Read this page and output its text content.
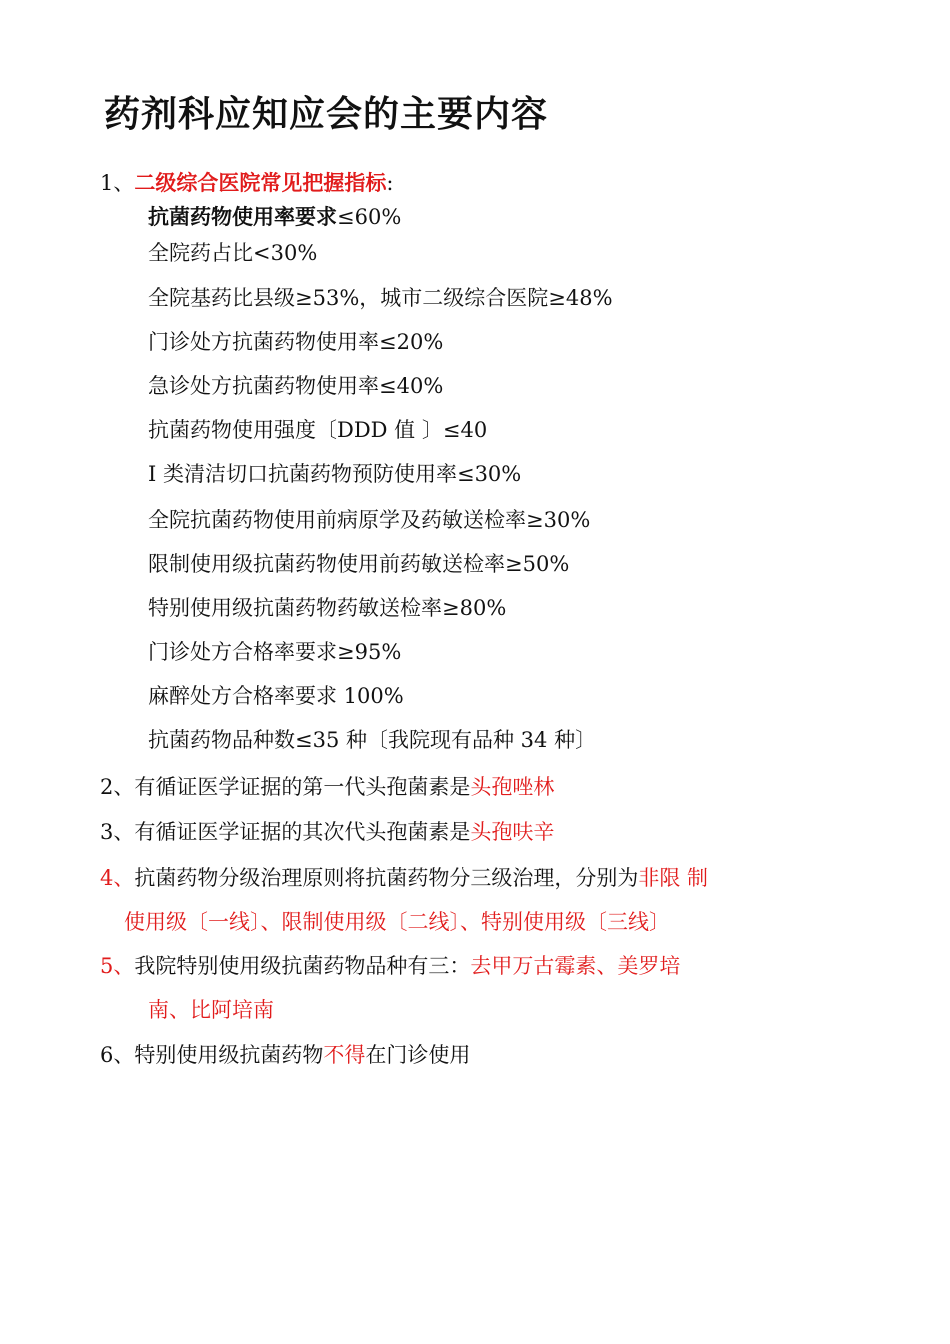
药剂科应知应会的主要内容
1、二级综合医院常见把握指标:
抗菌药物使用率要求≤60%
全院药占比<30%
全院基药比县级≥53%，城市二级综合医院≥48%
门诊处方抗菌药物使用率≤20%
急诊处方抗菌药物使用率≤40%
抗菌药物使用强度〔DDD 值 〕≤40
I 类清洁切口抗菌药物预防使用率≤30%
全院抗菌药物使用前病原学及药敏送检率≥30%
限制使用级抗菌药物使用前药敏送检率≥50%
特别使用级抗菌药物药敏送检率≥80%
门诊处方合格率要求≥95%
麻醉处方合格率要求 100%
抗菌药物品种数≤35 种〔我院现有品种 34 种〕
2、有循证医学证据的第一代头孢菌素是头孢唑林
3、有循证医学证据的其次代头孢菌素是头孢呋辛
4、抗菌药物分级治理原则将抗菌药物分三级治理，分别为非限 制
使用级〔一线〕、限制使用级〔二线〕、特别使用级〔三线〕
5、我院特别使用级抗菌药物品种有三：去甲万古霉素、美罗培
南、比阿培南
6、特别使用级抗菌药物不得在门诊使用
